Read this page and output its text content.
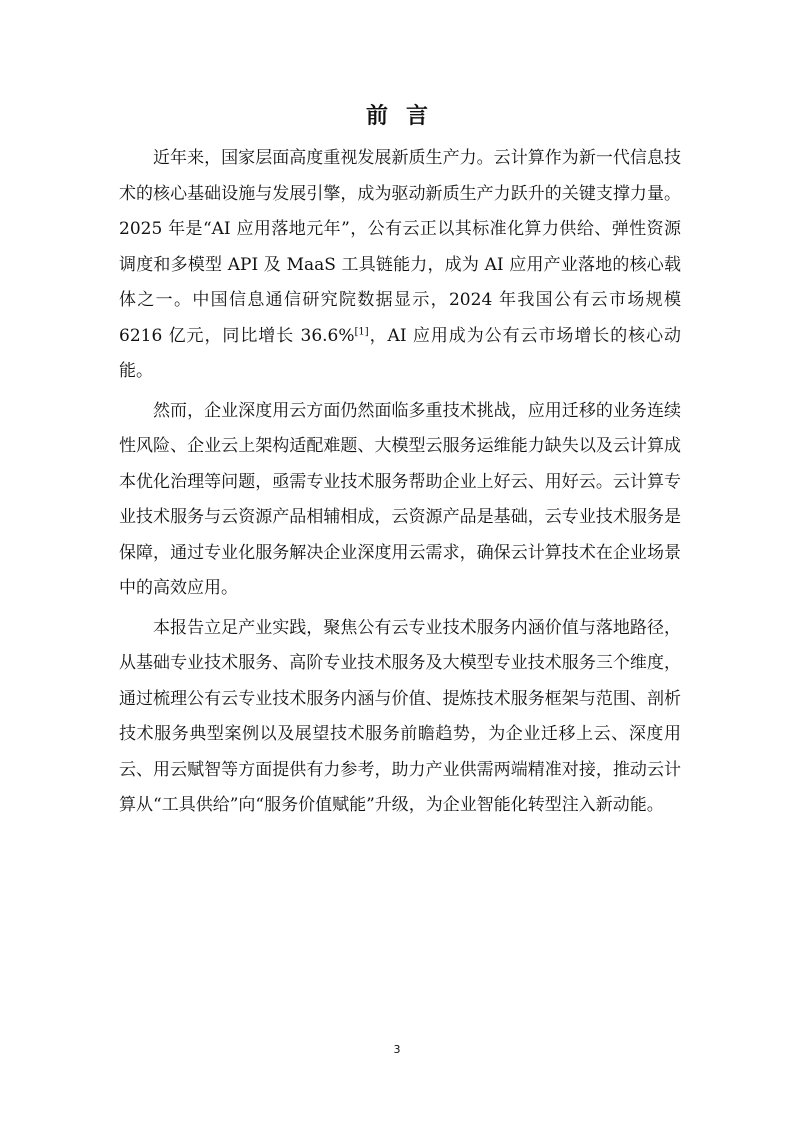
前言

近年来，国家层面高度重视发展新质生产力。云计算作为新一代信息技术的核心基础设施与发展引擎，成为驱动新质生产力跃升的关键支撑力量。2025 年是“AI 应用落地元年”，公有云正以其标准化算力供给、弹性资源调度和多模型 API 及 MaaS 工具链能力，成为 AI 应用产业落地的核心载体之一。中国信息通信研究院数据显示，2024 年我国公有云市场规模 6216 亿元，同比增长 36.6%[1]，AI 应用成为公有云市场增长的核心动能。

然而，企业深度用云方面仍然面临多重技术挑战，应用迁移的业务连续性风险、企业云上架构适配难题、大模型云服务运维能力缺失以及云计算成本优化治理等问题，亟需专业技术服务帮助企业上好云、用好云。云计算专业技术服务与云资源产品相辅相成，云资源产品是基础，云专业技术服务是保障，通过专业化服务解决企业深度用云需求，确保云计算技术在企业场景中的高效应用。

本报告立足产业实践，聚焦公有云专业技术服务内涵价值与落地路径，从基础专业技术服务、高阶专业技术服务及大模型专业技术服务三个维度，通过梳理公有云专业技术服务内涵与价值、提炼技术服务框架与范围、剖析技术服务典型案例以及展望技术服务前瞻趋势，为企业迁移上云、深度用云、用云赋智等方面提供有力参考，助力产业供需两端精准对接，推动云计算从“工具供给”向“服务价值赋能”升级，为企业智能化转型注入新动能。

3
